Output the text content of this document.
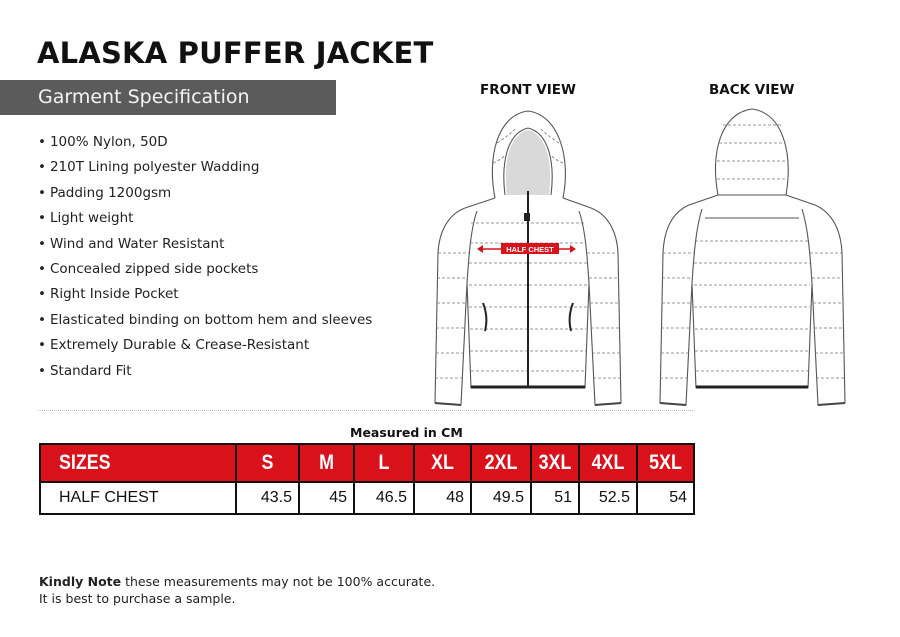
ALASKA PUFFER JACKET
Garment Specification
• 100% Nylon, 50D
• 210T Lining polyester Wadding
• Padding 1200gsm
• Light weight
• Wind and Water Resistant
• Concealed zipped side pockets
• Right Inside Pocket
• Elasticated binding on bottom hem and sleeves
• Extremely Durable & Crease-Resistant
• Standard Fit
FRONT VIEW	BACK VIEW
HALF CHEST
Measured in CM
SIZES	S	M	L	XL	2XL	3XL	4XL	5XL
HALF CHEST	43.5	45	46.5	48	49.5	51	52.5	54
Kindly Note these measurements may not be 100% accurate.
It is best to purchase a sample.
